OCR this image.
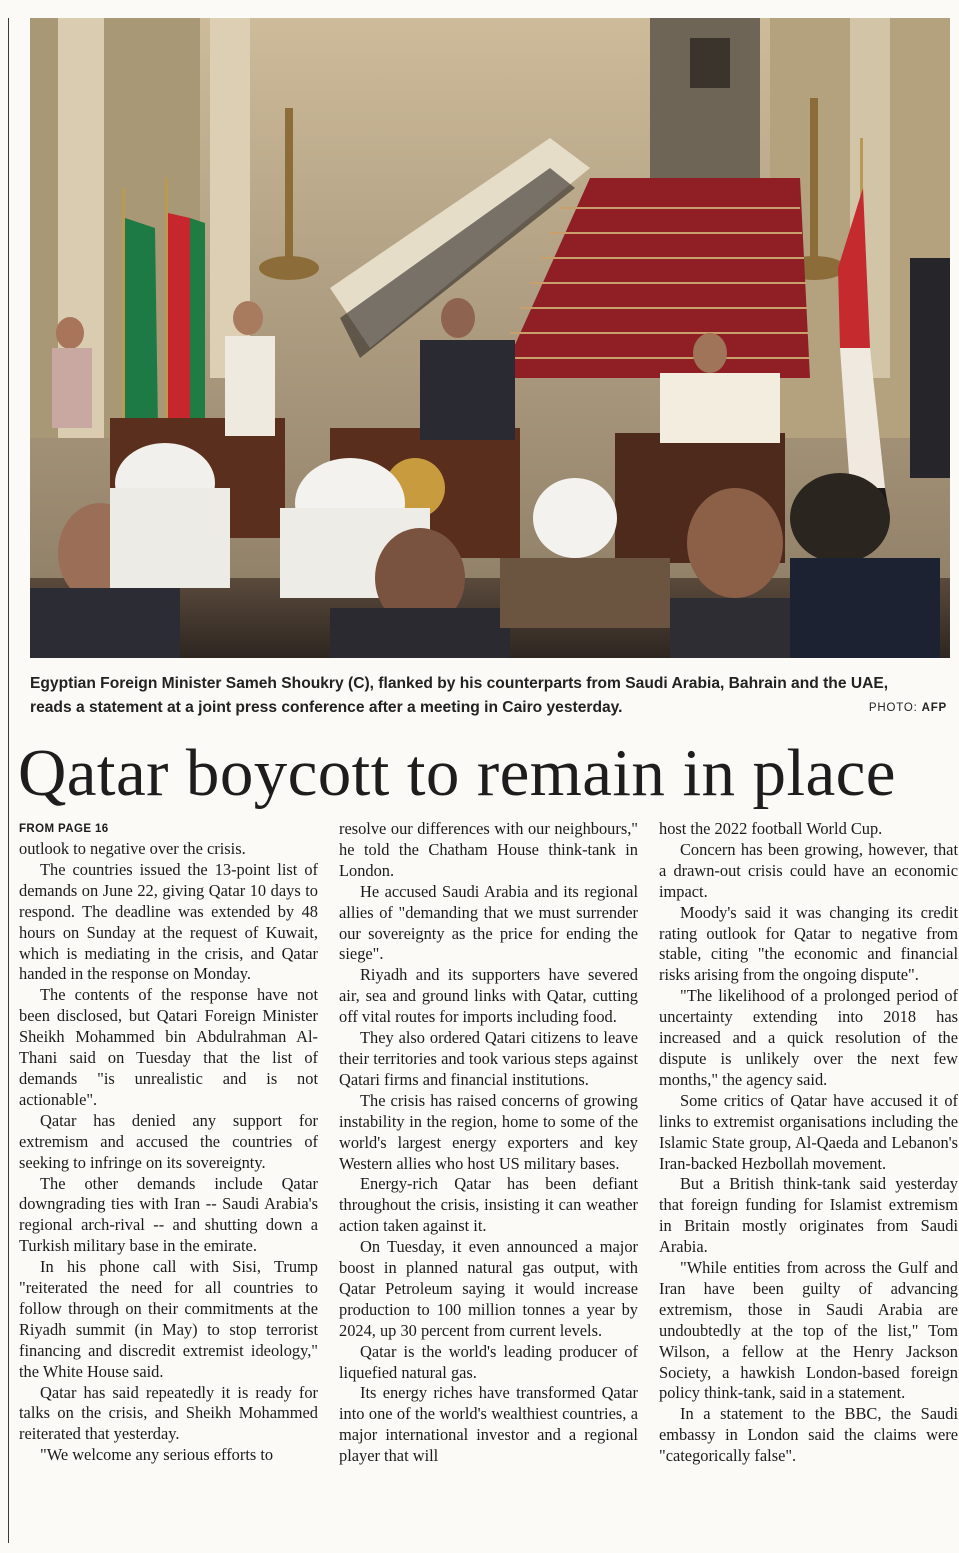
Egyptian Foreign Minister Sameh Shoukry (C), flanked by his counterparts from Saudi Arabia, Bahrain and the UAE, reads a statement at a joint press conference after a meeting in Cairo yesterday.	PHOTO: AFP
Qatar boycott to remain in place
FROM PAGE 16

outlook to negative over the crisis.

The countries issued the 13-point list of demands on June 22, giving Qatar 10 days to respond. The deadline was extended by 48 hours on Sunday at the request of Kuwait, which is mediating in the crisis, and Qatar handed in the response on Monday.

The contents of the response have not been disclosed, but Qatari Foreign Minister Sheikh Mohammed bin Abdulrahman Al-Thani said on Tuesday that the list of demands "is unrealistic and is not actionable".

Qatar has denied any support for extremism and accused the countries of seeking to infringe on its sovereignty.

The other demands include Qatar downgrading ties with Iran -- Saudi Arabia's regional arch-rival -- and shutting down a Turkish military base in the emirate.

In his phone call with Sisi, Trump "reiterated the need for all countries to follow through on their commitments at the Riyadh summit (in May) to stop terrorist financing and discredit extremist ideology," the White House said.

Qatar has said repeatedly it is ready for talks on the crisis, and Sheikh Mohammed reiterated that yesterday.

"We welcome any serious efforts to

resolve our differences with our neighbours," he told the Chatham House think-tank in London.

He accused Saudi Arabia and its regional allies of "demanding that we must surrender our sovereignty as the price for ending the siege".

Riyadh and its supporters have severed air, sea and ground links with Qatar, cutting off vital routes for imports including food.

They also ordered Qatari citizens to leave their territories and took various steps against Qatari firms and financial institutions.

The crisis has raised concerns of growing instability in the region, home to some of the world's largest energy exporters and key Western allies who host US military bases.

Energy-rich Qatar has been defiant throughout the crisis, insisting it can weather action taken against it.

On Tuesday, it even announced a major boost in planned natural gas output, with Qatar Petroleum saying it would increase production to 100 million tonnes a year by 2024, up 30 percent from current levels.

Qatar is the world's leading producer of liquefied natural gas.

Its energy riches have transformed Qatar into one of the world's wealthiest countries, a major international investor and a regional player that will

host the 2022 football World Cup.

Concern has been growing, however, that a drawn-out crisis could have an economic impact.

Moody's said it was changing its credit rating outlook for Qatar to negative from stable, citing "the economic and financial risks arising from the ongoing dispute".

"The likelihood of a prolonged period of uncertainty extending into 2018 has increased and a quick resolution of the dispute is unlikely over the next few months," the agency said.

Some critics of Qatar have accused it of links to extremist organisations including the Islamic State group, Al-Qaeda and Lebanon's Iran-backed Hezbollah movement.

But a British think-tank said yesterday that foreign funding for Islamist extremism in Britain mostly originates from Saudi Arabia.

"While entities from across the Gulf and Iran have been guilty of advancing extremism, those in Saudi Arabia are undoubtedly at the top of the list," Tom Wilson, a fellow at the Henry Jackson Society, a hawkish London-based foreign policy think-tank, said in a statement.

In a statement to the BBC, the Saudi embassy in London said the claims were "categorically false".
